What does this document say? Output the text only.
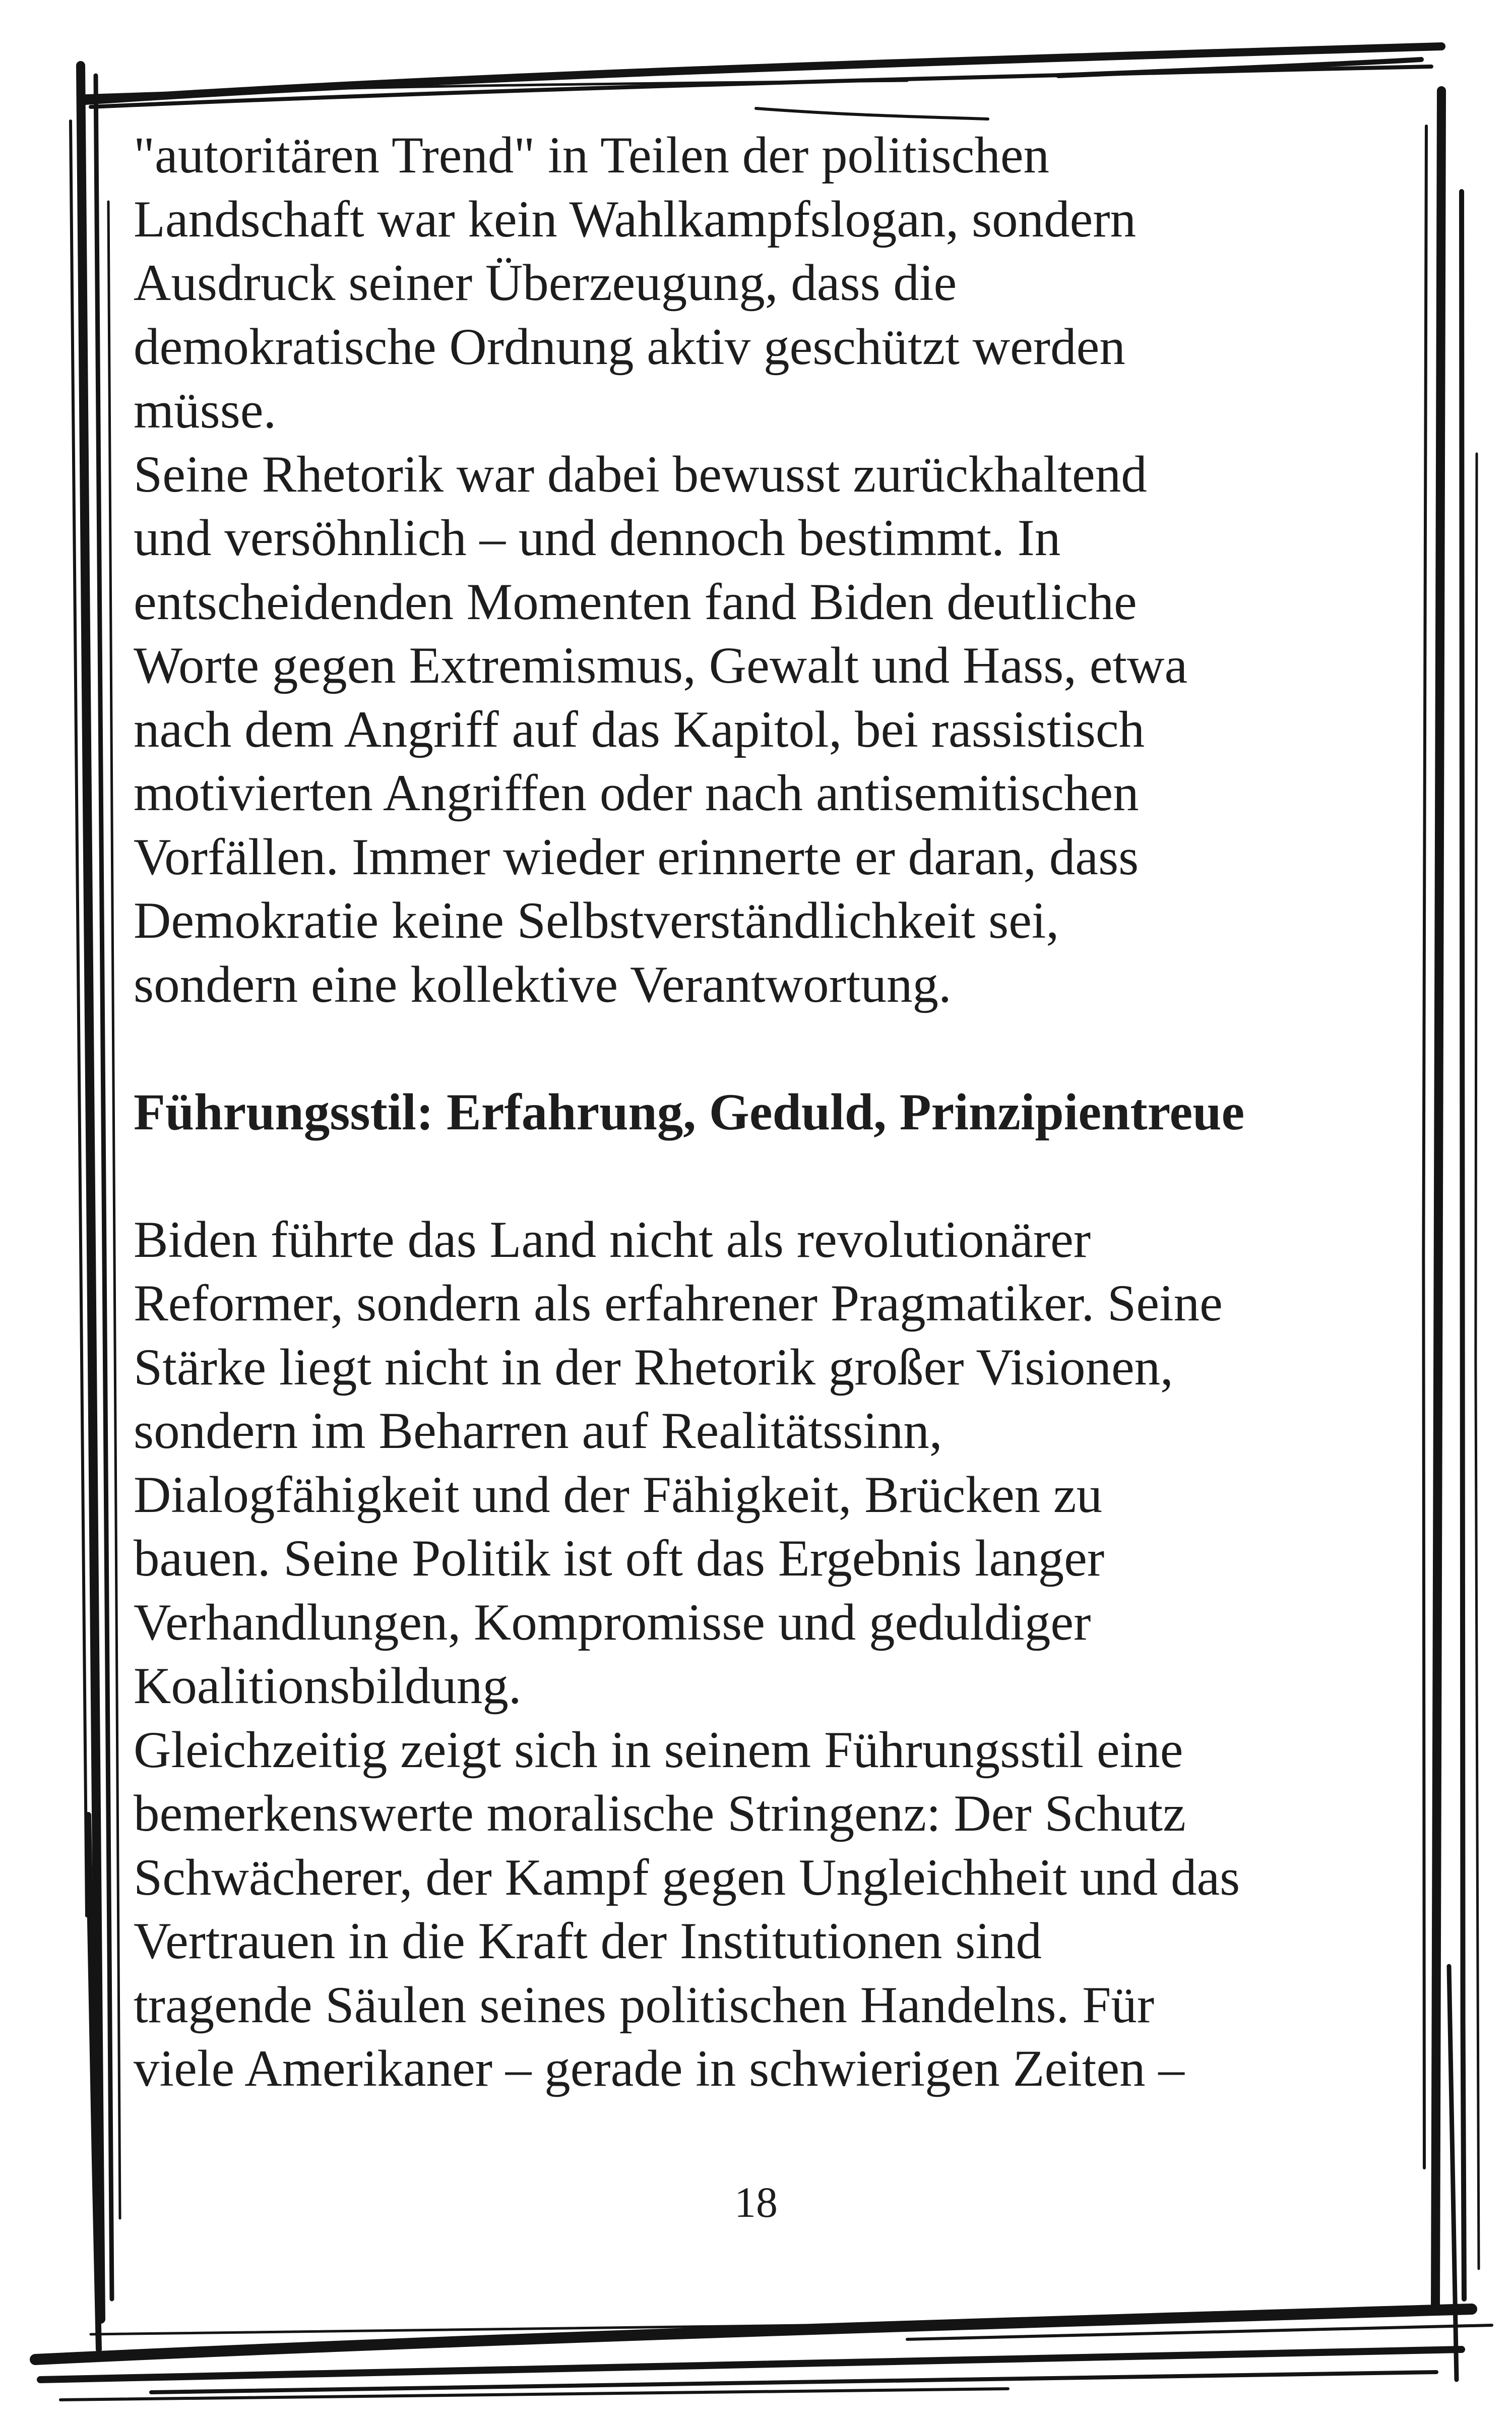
"autoritären Trend" in Teilen der politischen
Landschaft war kein Wahlkampfslogan, sondern
Ausdruck seiner Überzeugung, dass die
demokratische Ordnung aktiv geschützt werden
müsse.
Seine Rhetorik war dabei bewusst zurückhaltend
und versöhnlich – und dennoch bestimmt. In
entscheidenden Momenten fand Biden deutliche
Worte gegen Extremismus, Gewalt und Hass, etwa
nach dem Angriff auf das Kapitol, bei rassistisch
motivierten Angriffen oder nach antisemitischen
Vorfällen. Immer wieder erinnerte er daran, dass
Demokratie keine Selbstverständlichkeit sei,
sondern eine kollektive Verantwortung.
Führungsstil: Erfahrung, Geduld, Prinzipientreue
Biden führte das Land nicht als revolutionärer
Reformer, sondern als erfahrener Pragmatiker. Seine
Stärke liegt nicht in der Rhetorik großer Visionen,
sondern im Beharren auf Realitätssinn,
Dialogfähigkeit und der Fähigkeit, Brücken zu
bauen. Seine Politik ist oft das Ergebnis langer
Verhandlungen, Kompromisse und geduldiger
Koalitionsbildung.
Gleichzeitig zeigt sich in seinem Führungsstil eine
bemerkenswerte moralische Stringenz: Der Schutz
Schwächerer, der Kampf gegen Ungleichheit und das
Vertrauen in die Kraft der Institutionen sind
tragende Säulen seines politischen Handelns. Für
viele Amerikaner – gerade in schwierigen Zeiten –
18
